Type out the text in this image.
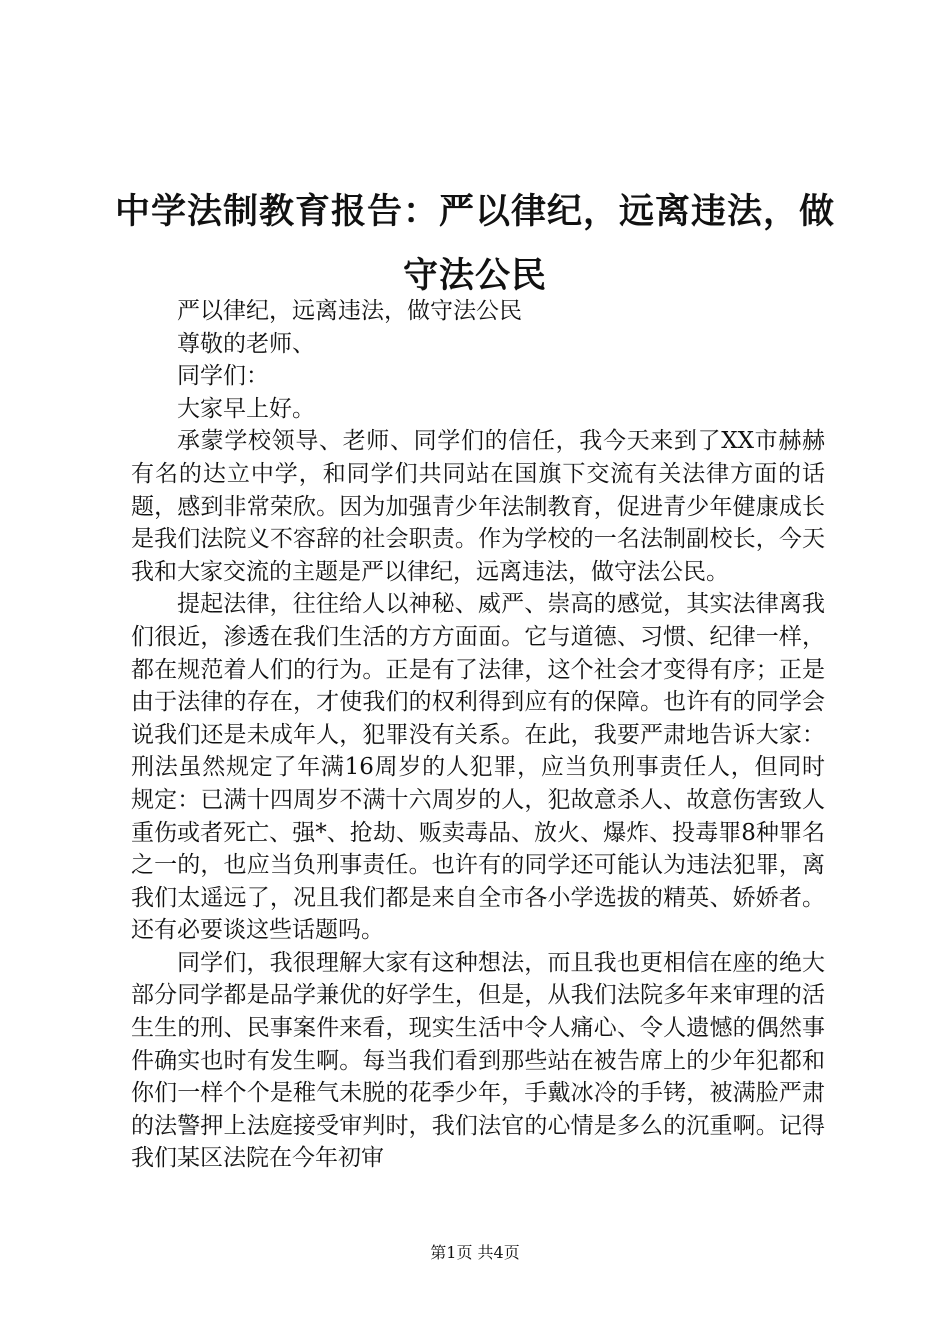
中学法制教育报告：严以律纪，远离违法，做守法公民

严以律纪，远离违法，做守法公民

尊敬的老师、

同学们：

大家早上好。

承蒙学校领导、老师、同学们的信任，我今天来到了XX市赫赫有名的达立中学，和同学们共同站在国旗下交流有关法律方面的话题，感到非常荣欣。因为加强青少年法制教育，促进青少年健康成长是我们法院义不容辞的社会职责。作为学校的一名法制副校长，今天我和大家交流的主题是严以律纪，远离违法，做守法公民。

提起法律，往往给人以神秘、威严、崇高的感觉，其实法律离我们很近，渗透在我们生活的方方面面。它与道德、习惯、纪律一样，都在规范着人们的行为。正是有了法律，这个社会才变得有序；正是由于法律的存在，才使我们的权利得到应有的保障。也许有的同学会说我们还是未成年人，犯罪没有关系。在此，我要严肃地告诉大家：刑法虽然规定了年满16周岁的人犯罪，应当负刑事责任人，但同时规定：已满十四周岁不满十六周岁的人，犯故意杀人、故意伤害致人重伤或者死亡、强*、抢劫、贩卖毒品、放火、爆炸、投毒罪8种罪名之一的，也应当负刑事责任。也许有的同学还可能认为违法犯罪，离我们太遥远了，况且我们都是来自全市各小学选拔的精英、娇娇者。还有必要谈这些话题吗。

同学们，我很理解大家有这种想法，而且我也更相信在座的绝大部分同学都是品学兼优的好学生，但是，从我们法院多年来审理的活生生的刑、民事案件来看，现实生活中令人痛心、令人遗憾的偶然事件确实也时有发生啊。每当我们看到那些站在被告席上的少年犯都和你们一样个个是稚气未脱的花季少年，手戴冰冷的手铐，被满脸严肃的法警押上法庭接受审判时，我们法官的心情是多么的沉重啊。记得我们某区法院在今年初审

第1页 共4页
